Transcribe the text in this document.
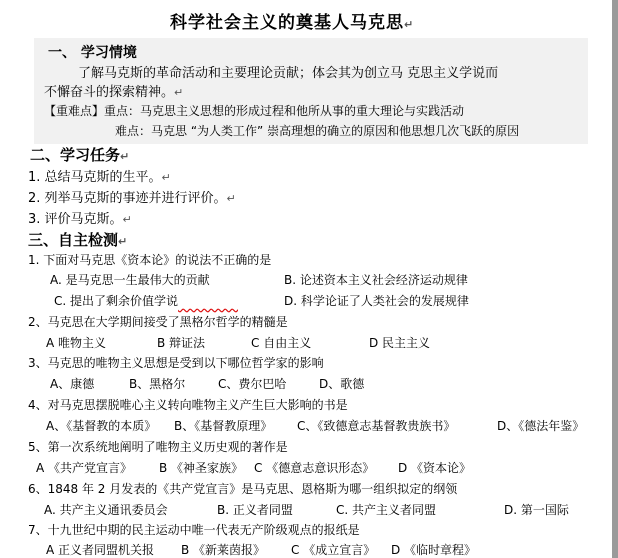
科学社会主义的奠基人马克思↵
一、 学习情境
了解马克斯的革命活动和主要理论贡献；体会其为创立马 克思主义学说而
不懈奋斗的探索精神。↵
【重难点】重点：马克思主义思想的形成过程和他所从事的重大理论与实践活动
难点：马克思 “为人类工作” 崇高理想的确立的原因和他思想几次飞跃的原因
二、学习任务↵
1. 总结马克斯的生平。↵
2. 列举马克斯的事迹并进行评价。↵
3. 评价马克斯。↵
三、自主检测↵
1. 下面对马克思《资本论》的说法不正确的是
A. 是马克思一生最伟大的贡献	B. 论述资本主义社会经济运动规律
C. 提出了剩余价值学说     	D. 科学论证了人类社会的发展规律
2、马克思在大学期间接受了黑格尔哲学的精髓是
A 唯物主义	B 辩证法	C 自由主义	D 民主主义
3、马克思的唯物主义思想是受到以下哪位哲学家的影响
A、康德	B、黑格尔	C、费尔巴哈	D、歌德
4、对马克思摆脱唯心主义转向唯物主义产生巨大影响的书是
A、《基督教的本质》 B、《基督教原理》 C、《致德意志基督教贵族书》	D、《德法年鉴》
5、第一次系统地阐明了唯物主义历史观的著作是
A 《共产党宣言》 B 《神圣家族》 C 《德意志意识形态》 D 《资本论》
6、1848 年 2 月发表的《共产党宣言》是马克思、恩格斯为哪一组织拟定的纲领
A. 共产主义通讯委员会	B. 正义者同盟	C. 共产主义者同盟	D. 第一国际
7、十九世纪中期的民主运动中唯一代表无产阶级观点的报纸是
A 正义者同盟机关报 B 《新莱茵报》 C 《成立宣言》 D 《临时章程》
